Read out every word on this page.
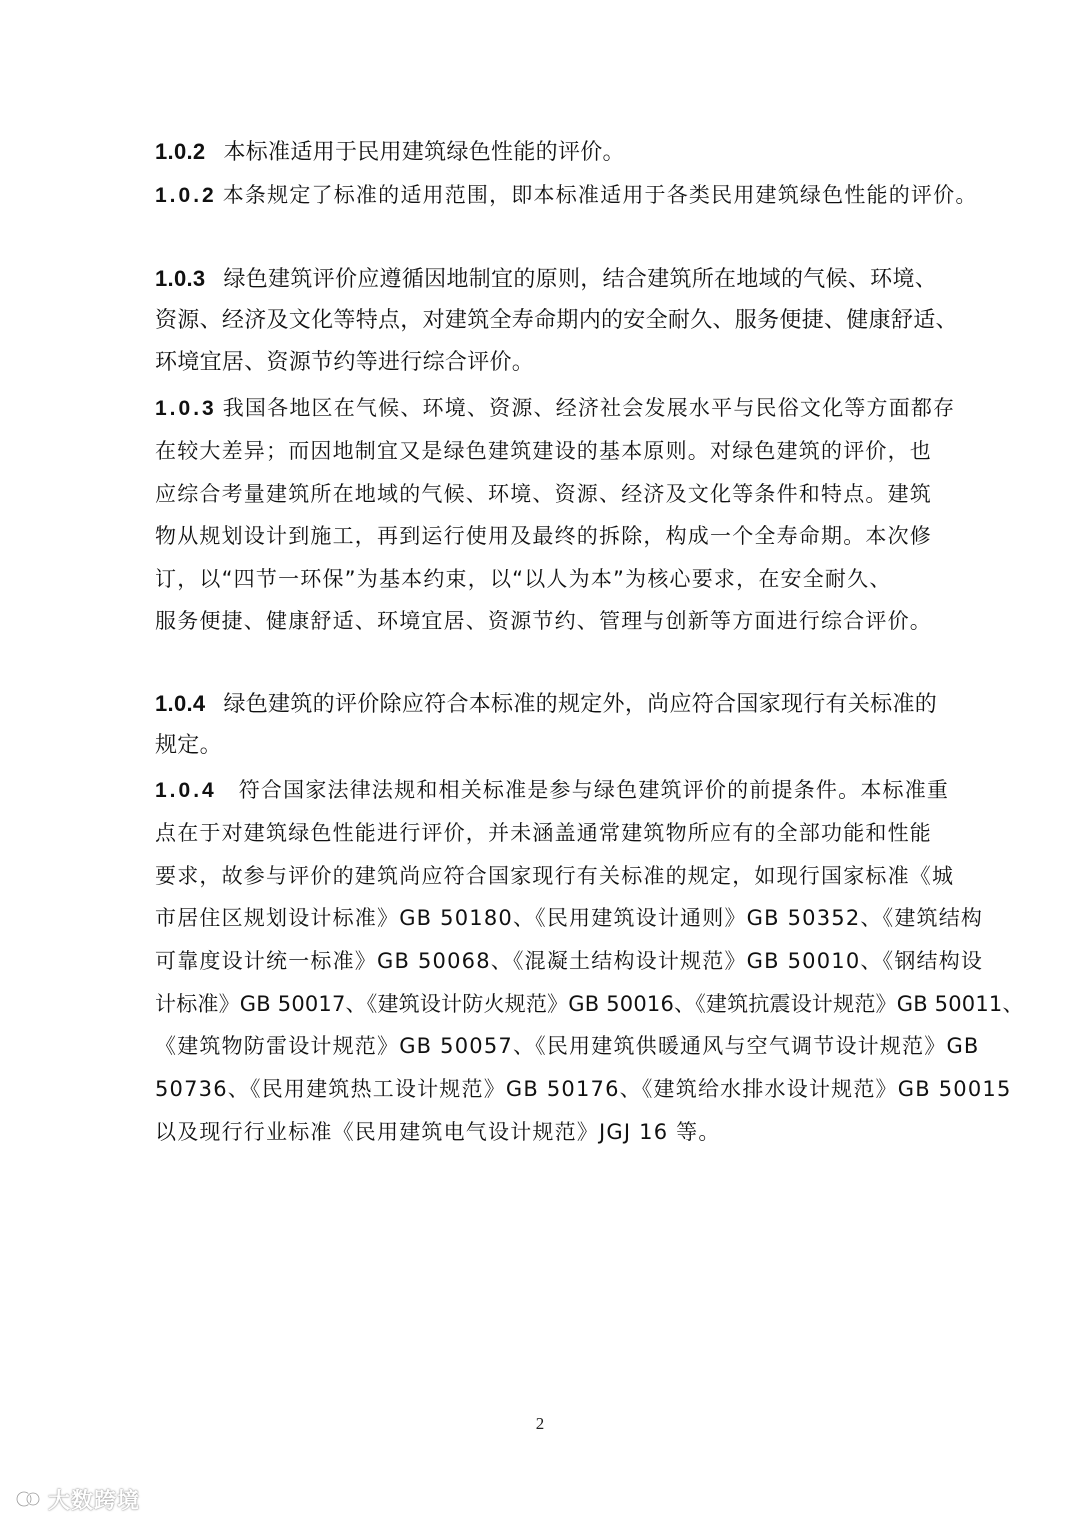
1.0.2 本标准适用于民用建筑绿色性能的评价。
1.0.2 本条规定了标准的适用范围，即本标准适用于各类民用建筑绿色性能的评价。
1.0.3 绿色建筑评价应遵循因地制宜的原则，结合建筑所在地域的气候、环境、
资源、经济及文化等特点，对建筑全寿命期内的安全耐久、服务便捷、健康舒适、
环境宜居、资源节约等进行综合评价。
1.0.3 我国各地区在气候、环境、资源、经济社会发展水平与民俗文化等方面都存
在较大差异；而因地制宜又是绿色建筑建设的基本原则。对绿色建筑的评价，也
应综合考量建筑所在地域的气候、环境、资源、经济及文化等条件和特点。建筑
物从规划设计到施工，再到运行使用及最终的拆除，构成一个全寿命期。本次修
订，以“四节一环保”为基本约束，以“以人为本”为核心要求，在安全耐久、
服务便捷、健康舒适、环境宜居、资源节约、管理与创新等方面进行综合评价。
1.0.4 绿色建筑的评价除应符合本标准的规定外，尚应符合国家现行有关标准的
规定。
1.0.4 符合国家法律法规和相关标准是参与绿色建筑评价的前提条件。本标准重
点在于对建筑绿色性能进行评价，并未涵盖通常建筑物所应有的全部功能和性能
要求，故参与评价的建筑尚应符合国家现行有关标准的规定，如现行国家标准《城
市居住区规划设计标准》GB 50180、《民用建筑设计通则》GB 50352、《建筑结构
可靠度设计统一标准》GB 50068、《混凝土结构设计规范》GB 50010、《钢结构设
计标准》GB 50017、《建筑设计防火规范》GB 50016、《建筑抗震设计规范》GB 50011、
《建筑物防雷设计规范》GB 50057、《民用建筑供暖通风与空气调节设计规范》GB
50736、《民用建筑热工设计规范》GB 50176、《建筑给水排水设计规范》GB 50015
以及现行行业标准《民用建筑电气设计规范》JGJ 16 等。
2
大数跨境
